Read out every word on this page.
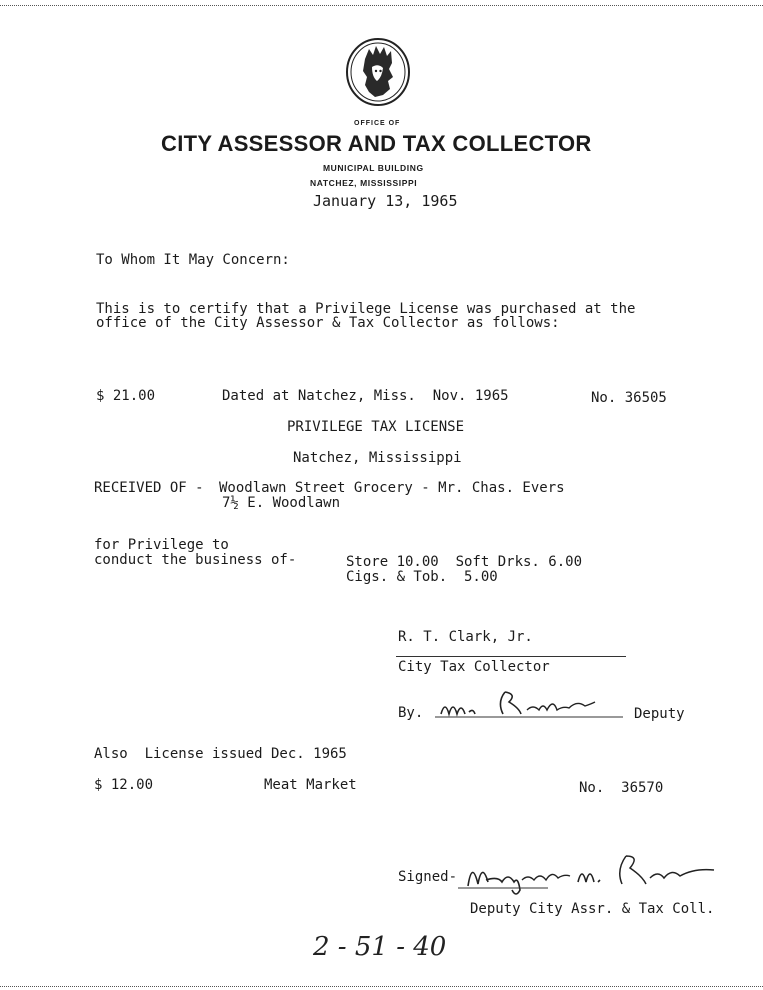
OFFICE OF
CITY ASSESSOR AND TAX COLLECTOR
MUNICIPAL BUILDING
NATCHEZ, MISSISSIPPI
January 13, 1965
To Whom It May Concern:
This is to certify that a Privilege License was purchased at the
office of the City Assessor & Tax Collector as follows:
$ 21.00	Dated at Natchez, Miss.  Nov. 1965	No. 36505
PRIVILEGE TAX LICENSE
Natchez, Mississippi
RECEIVED OF - Woodlawn Street Grocery - Mr. Chas. Evers
7½ E. Woodlawn
for Privilege to
conduct the business of-	Store 10.00  Soft Drks. 6.00
Cigs. & Tob.  5.00
R. T. Clark, Jr.
City Tax Collector
By.	Deputy
Also  License issued Dec. 1965
$ 12.00	Meat Market	No.  36570
Signed-
Deputy City Assr. & Tax Coll.
2 - 51 - 40
